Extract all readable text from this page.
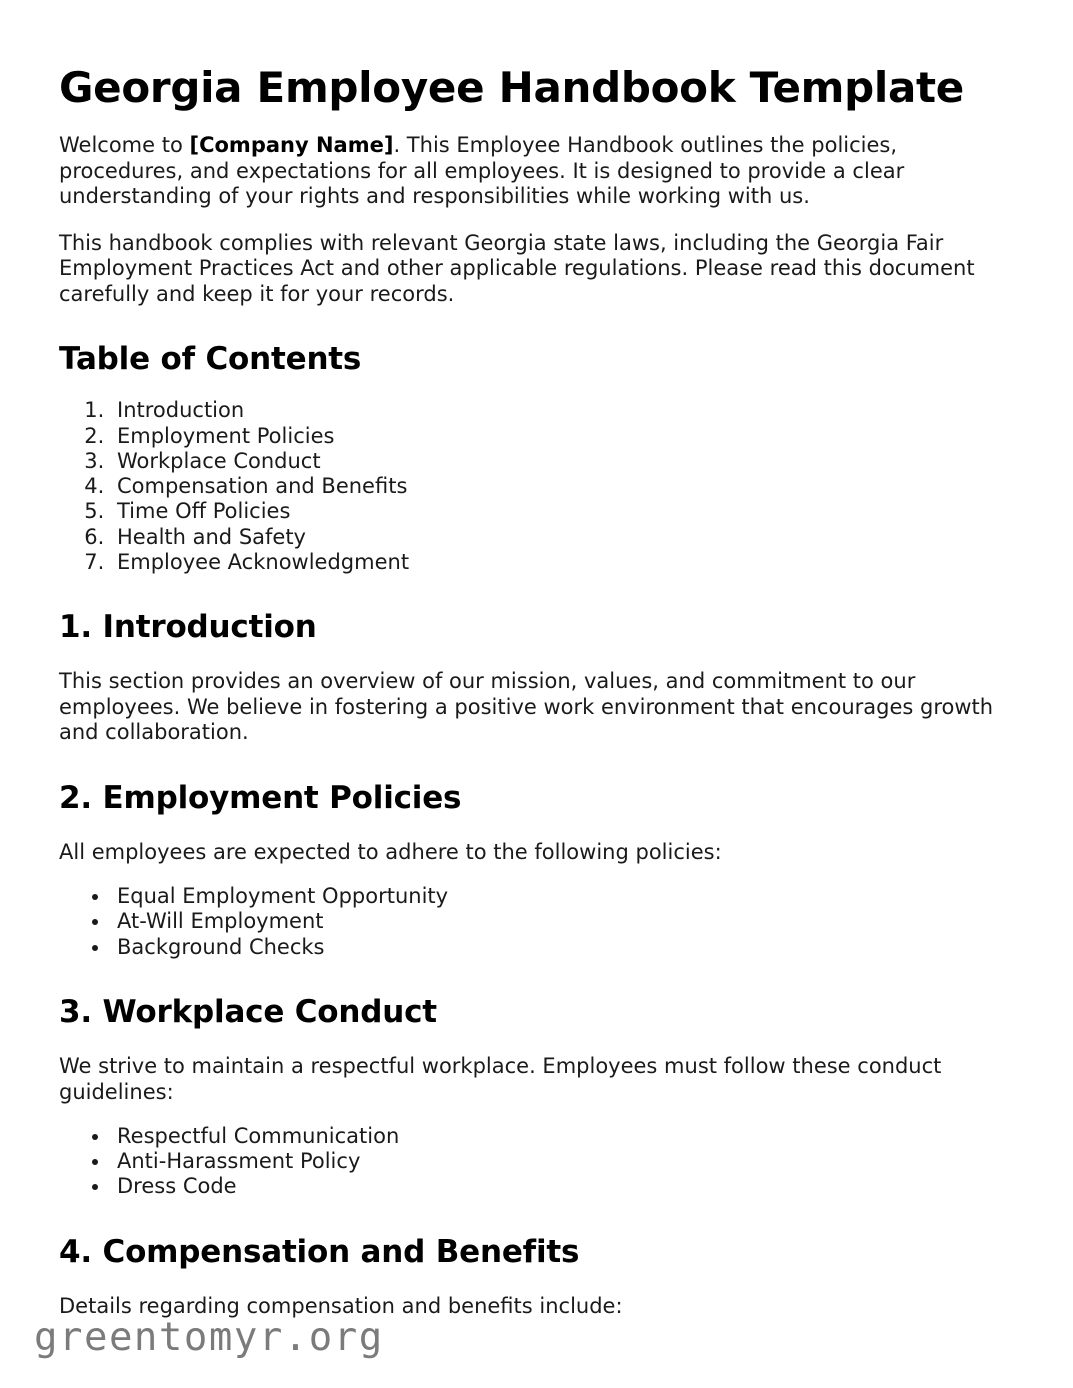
Georgia Employee Handbook Template

Welcome to [Company Name]. This Employee Handbook outlines the policies, procedures, and expectations for all employees. It is designed to provide a clear understanding of your rights and responsibilities while working with us.

This handbook complies with relevant Georgia state laws, including the Georgia Fair Employment Practices Act and other applicable regulations. Please read this document carefully and keep it for your records.

Table of Contents
1. Introduction
2. Employment Policies
3. Workplace Conduct
4. Compensation and Benefits
5. Time Off Policies
6. Health and Safety
7. Employee Acknowledgment
1. Introduction

This section provides an overview of our mission, values, and commitment to our employees. We believe in fostering a positive work environment that encourages growth and collaboration.

2. Employment Policies

All employees are expected to adhere to the following policies:

• Equal Employment Opportunity
• At-Will Employment
• Background Checks
3. Workplace Conduct

We strive to maintain a respectful workplace. Employees must follow these conduct guidelines:

• Respectful Communication
• Anti-Harassment Policy
• Dress Code
4. Compensation and Benefits

Details regarding compensation and benefits include:

greentomyr.org
